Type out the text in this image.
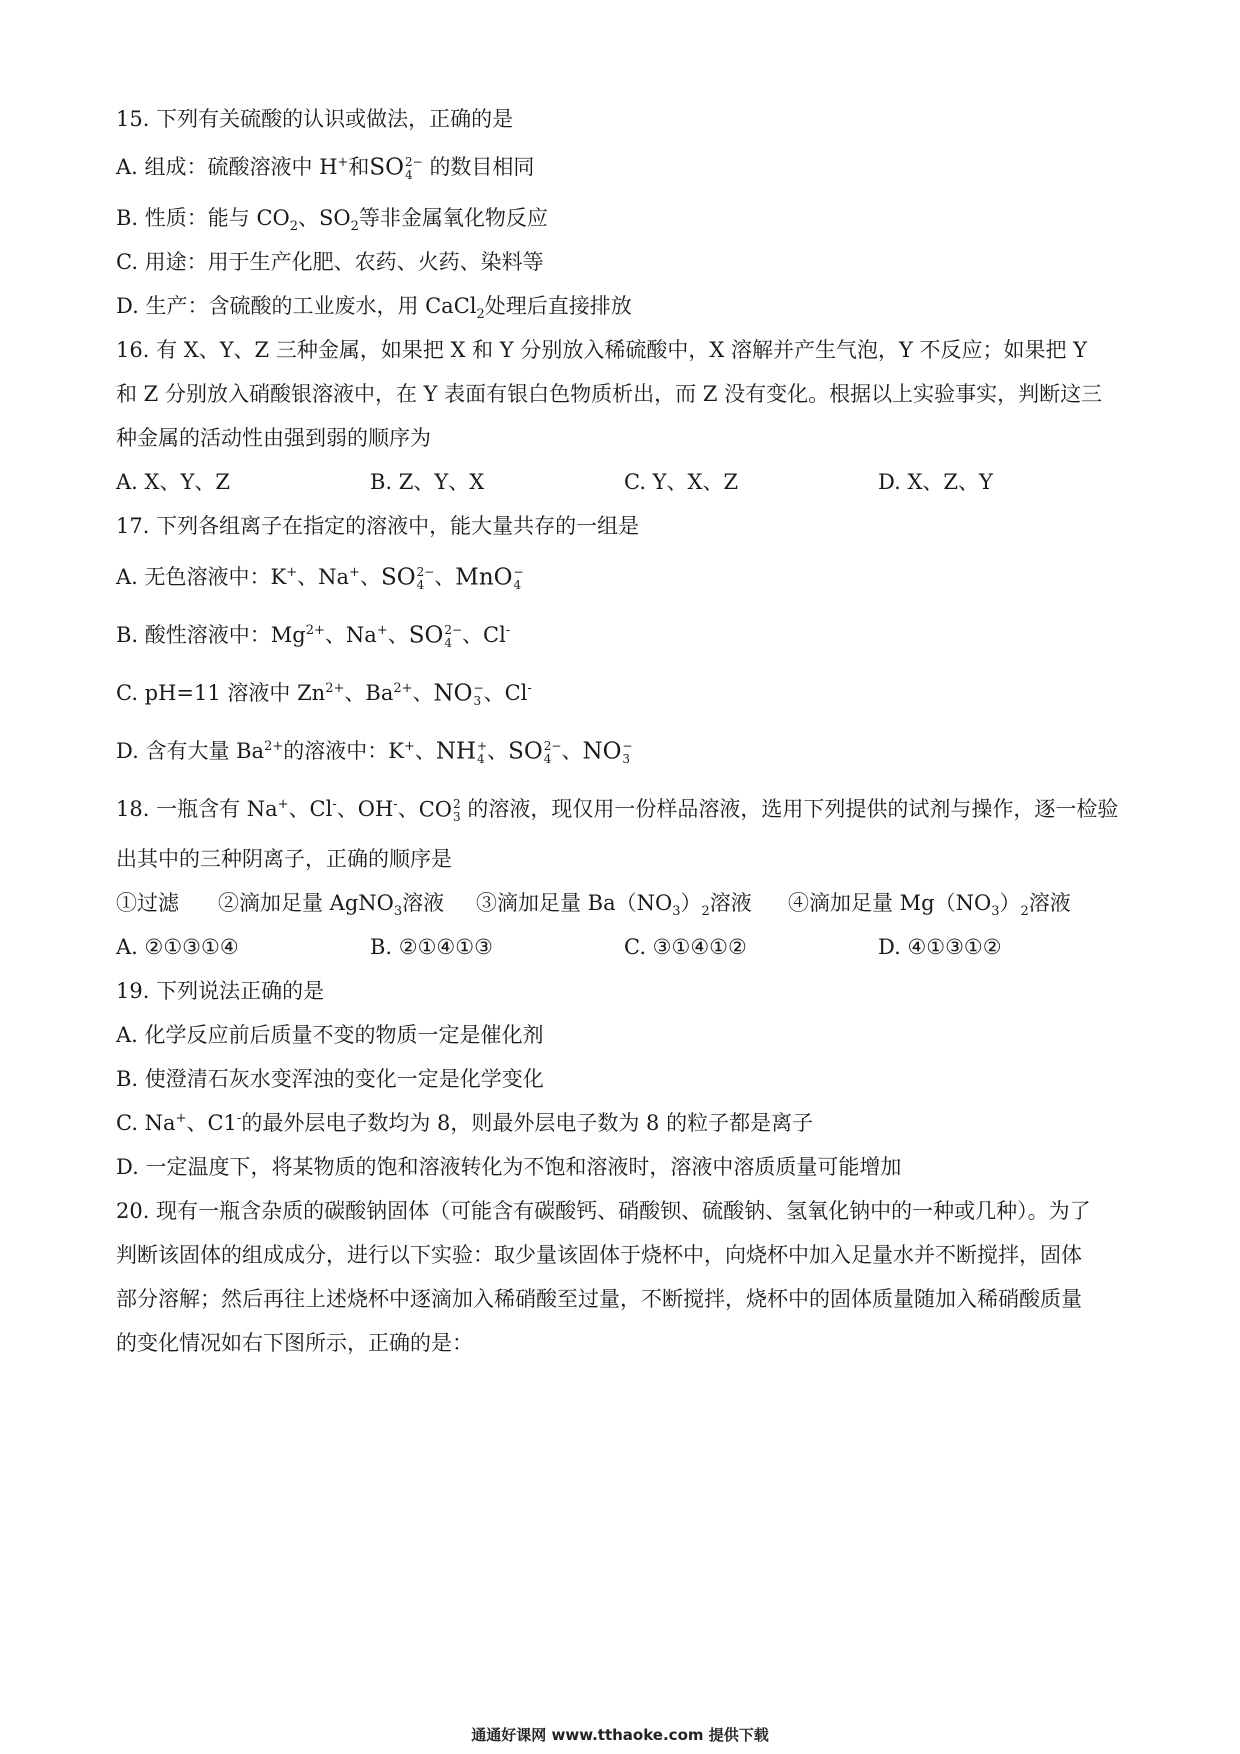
15. 下列有关硫酸的认识或做法，正确的是
A. 组成：硫酸溶液中 H+和SO 2−
4 的数目相同
B. 性质：能与 $CO_2$、$SO_2$等非金属氧化物反应
C. 用途：用于生产化肥、农药、火药、染料等
D. 生产：含硫酸的工业废水，用 CaCl$_2$处理后直接排放
16. 有 X、Y、Z 三种金属，如果把 X 和 Y 分别放入稀硫酸中，X 溶解并产生气泡，Y 不反应；如果把 Y
和 Z 分别放入硝酸银溶液中，在 Y 表面有银白色物质析出，而 Z 没有变化。根据以上实验事实，判断这三
种金属的活动性由强到弱的顺序为
A. X、Y、Z	B. Z、Y、X	C. Y、X、Z	D. X、Z、Y
17. 下列各组离子在指定的溶液中，能大量共存的一组是
A. 无色溶液中：K+、Na+、SO 2−
4 、MnO −
4
B. 酸性溶液中：$Mg^{2+}$、Na+、SO 2−
4 、Cl-
C. pH=11 溶液中 $Zn^{2+}$、$Ba^{2+}$、NO −
3 、Cl-
D. 含有大量 $Ba^{2+}$的溶液中：K+、NH +
4 、SO 2−
4 、NO −
3
18. 一瓶含有 Na+、Cl-、OH-、CO 2
3 的溶液，现仅用一份样品溶液，选用下列提供的试剂与操作，逐一检验
出其中的三种阴离子，正确的顺序是
①过滤 ②滴加足量 AgNO$_3$溶液 ③滴加足量 $Ba(NO_3)_2$溶液 ④滴加足量 $Mg(NO_3)_2$溶液
A. ②①③①④	B. ②①④①③	C. ③①④①②	D. ④①③①②
19. 下列说法正确的是
A. 化学反应前后质量不变的物质一定是催化剂
B. 使澄清石灰水变浑浊的变化一定是化学变化
C. Na+、C1-的最外层电子数均为 8，则最外层电子数为 8 的粒子都是离子
D. 一定温度下，将某物质的饱和溶液转化为不饱和溶液时，溶液中溶质质量可能增加
20. 现有一瓶含杂质的碳酸钠固体（可能含有碳酸钙、硝酸钡、硫酸钠、氢氧化钠中的一种或几种）。为了
判断该固体的组成成分，进行以下实验：取少量该固体于烧杯中，向烧杯中加入足量水并不断搅拌，固体
部分溶解；然后再往上述烧杯中逐滴加入稀硝酸至过量，不断搅拌，烧杯中的固体质量随加入稀硝酸质量
的变化情况如右下图所示，正确的是：
通通好课网 www.tthaoke.com 提供下载
